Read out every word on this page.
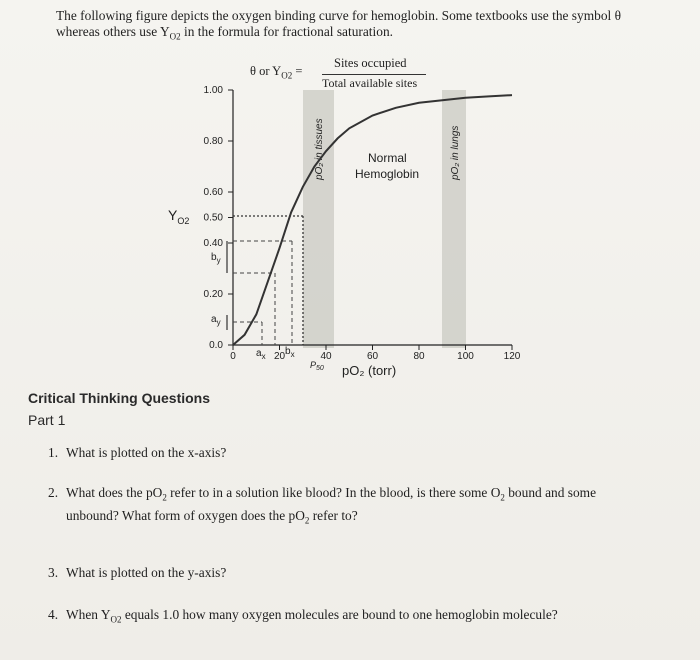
The following figure depicts the oxygen binding curve for hemoglobin. Some textbooks use the symbol θ
whereas others use $Y_{O2}$ in the formula for fractional saturation.
θ or $Y_{O2}$ =
Sites occupied
Total available sites
pO₂ in tissues	pO₂ in lungs
Normal
Hemoglobin
$Y_{O2}$
pO₂ (torr)
$b_y$
$a_y$
$a_x$ $b_x$
$P_{50}$
0	20	40	60	80	100	120
0.0
0.20
0.40
0.50
0.60
0.80
1.00
Critical Thinking Questions
Part 1
1. What is plotted on the x-axis?
2. What does the $pO_2$ refer to in a solution like blood? In the blood, is there some $O_2$ bound and some
unbound? What form of oxygen does the $pO_2$ refer to?
3. What is plotted on the y-axis?
4. When $Y_{O2}$ equals 1.0 how many oxygen molecules are bound to one hemoglobin molecule?
